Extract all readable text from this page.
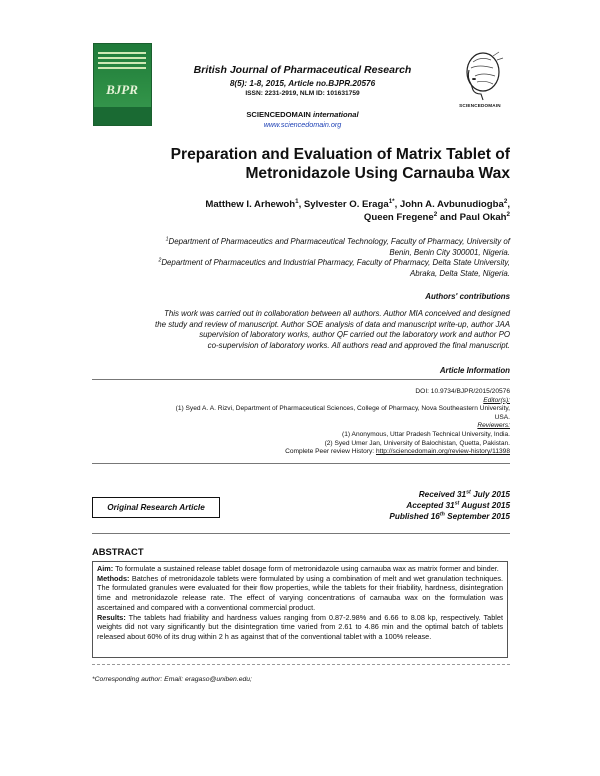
BJPR
British Journal of Pharmaceutical Research
8(5): 1-8, 2015, Article no.BJPR.20576
ISSN: 2231-2919, NLM ID: 101631759
SCIENCEDOMAIN international
www.sciencedomain.org
SCIENCEDOMAIN
Preparation and Evaluation of Matrix Tablet of
Metronidazole Using Carnauba Wax
Matthew I. Arhewoh$^1$, Sylvester O. Eraga$^{1*}$, John A. Avbunudiogba$^2$,
Queen Fregene$^2$ and Paul Okah$^2$
$^1$Department of Pharmaceutics and Pharmaceutical Technology, Faculty of Pharmacy, University of
Benin, Benin City 300001, Nigeria.
$^2$Department of Pharmaceutics and Industrial Pharmacy, Faculty of Pharmacy, Delta State University,
Abraka, Delta State, Nigeria.
Authors' contributions
This work was carried out in collaboration between all authors. Author MIA conceived and designed
the study and review of manuscript. Author SOE analysis of data and manuscript write-up, author JAA
supervision of laboratory works, author QF carried out the laboratory work and author PO
co-supervision of laboratory works. All authors read and approved the final manuscript.
Article Information
DOI: 10.9734/BJPR/2015/20576
Editor(s):
(1) Syed A. A. Rizvi, Department of Pharmaceutical Sciences, College of Pharmacy, Nova Southeastern University,
USA.
Reviewers:
(1) Anonymous, Uttar Pradesh Technical University, India.
(2) Syed Umer Jan, University of Balochistan, Quetta, Pakistan.
Complete Peer review History: http://sciencedomain.org/review-history/11398
Original Research Article
Received 31st July 2015
Accepted 31st August 2015
Published 16th September 2015
ABSTRACT
Aim: To formulate a sustained release tablet dosage form of metronidazole using carnauba wax as matrix former and binder.
Methods: Batches of metronidazole tablets were formulated by using a combination of melt and wet granulation techniques. The formulated granules were evaluated for their flow properties, while the tablets for their friability, hardness, disintegration time and metronidazole release rate. The effect of varying concentrations of carnauba wax on the formulation was ascertained and compared with a conventional commercial product.
Results: The tablets had friability and hardness values ranging from 0.87-2.98% and 6.66 to 8.08 kp, respectively. Tablet weights did not vary significantly but the disintegration time varied from 2.61 to 4.86 min and the optimal batch of tablets released about 60% of its drug within 2 h as against that of the conventional tablet with a 100% release.
*Corresponding author: Email: eragaso@uniben.edu;
